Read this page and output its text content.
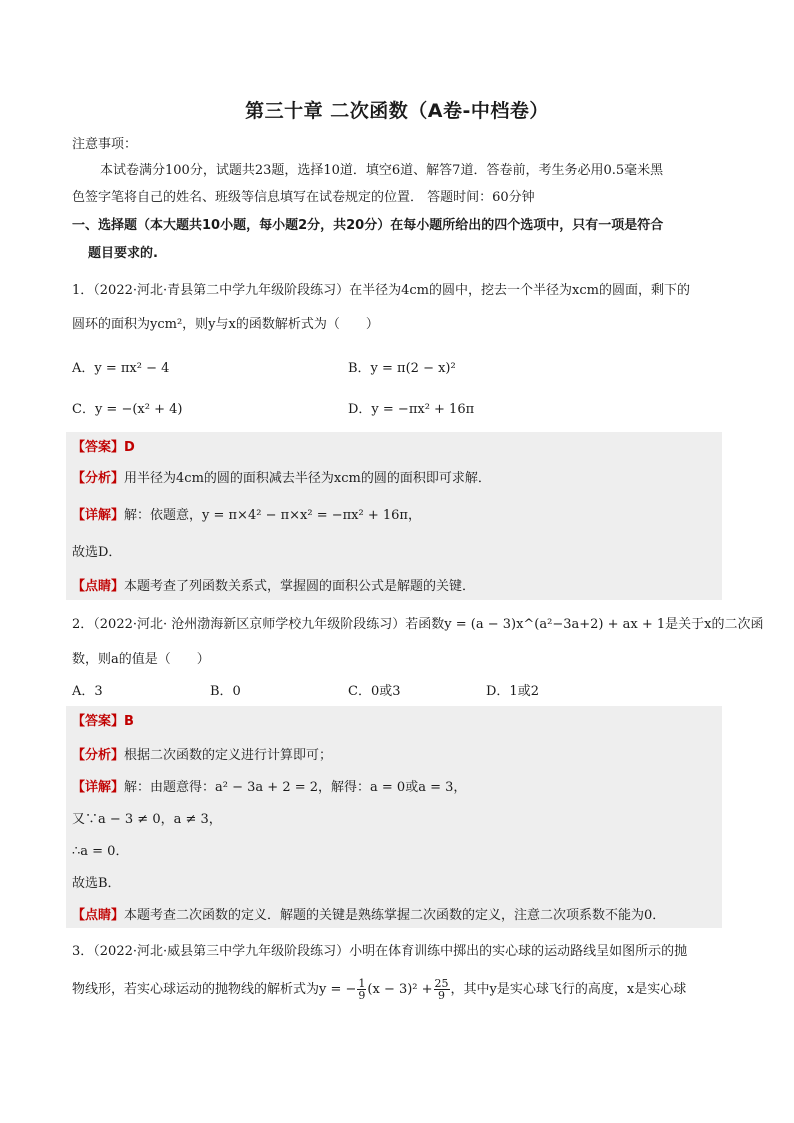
第三十章 二次函数（A卷-中档卷）
注意事项：
本试卷满分100分，试题共23题，选择10道．填空6道、解答7道．答卷前，考生务必用0.5毫米黑
色签字笔将自己的姓名、班级等信息填写在试卷规定的位置． 答题时间：60分钟
一、选择题（本大题共10小题，每小题2分，共20分）在每小题所给出的四个选项中，只有一项是符合
题目要求的.
1．（2022·河北·青县第二中学九年级阶段练习）在半径为4cm的圆中，挖去一个半径为xcm的圆面，剩下的
圆环的面积为ycm²，则y与x的函数解析式为（　　）
A．y = πx² − 4	B．y = π(2 − x)²
C．y = −(x² + 4)	D．y = −πx² + 16π
【答案】D
【分析】用半径为4cm的圆的面积减去半径为xcm的圆的面积即可求解．
【详解】解：依题意，y = π×4² − π×x² = −πx² + 16π，
故选D．
【点睛】本题考查了列函数关系式，掌握圆的面积公式是解题的关键．
2．（2022·河北· 沧州渤海新区京师学校九年级阶段练习）若函数y = (a − 3)x^(a²−3a+2) + ax + 1是关于x的二次函
数，则a的值是（　　）
A．3	B．0	C．0或3	D．1或2
【答案】B
【分析】根据二次函数的定义进行计算即可；
【详解】解：由题意得：a² − 3a + 2 = 2，解得：a = 0或a = 3，
又∵a − 3 ≠ 0，a ≠ 3，
∴a = 0．
故选B．
【点睛】本题考查二次函数的定义．解题的关键是熟练掌握二次函数的定义，注意二次项系数不能为0．
3．（2022·河北·威县第三中学九年级阶段练习）小明在体育训练中掷出的实心球的运动路线呈如图所示的抛
物线形，若实心球运动的抛物线的解析式为y = − $\frac{1}{9} (x - 3)^2 + \frac{25}{9}$ ，其中y是实心球飞行的高度，x是实心球
